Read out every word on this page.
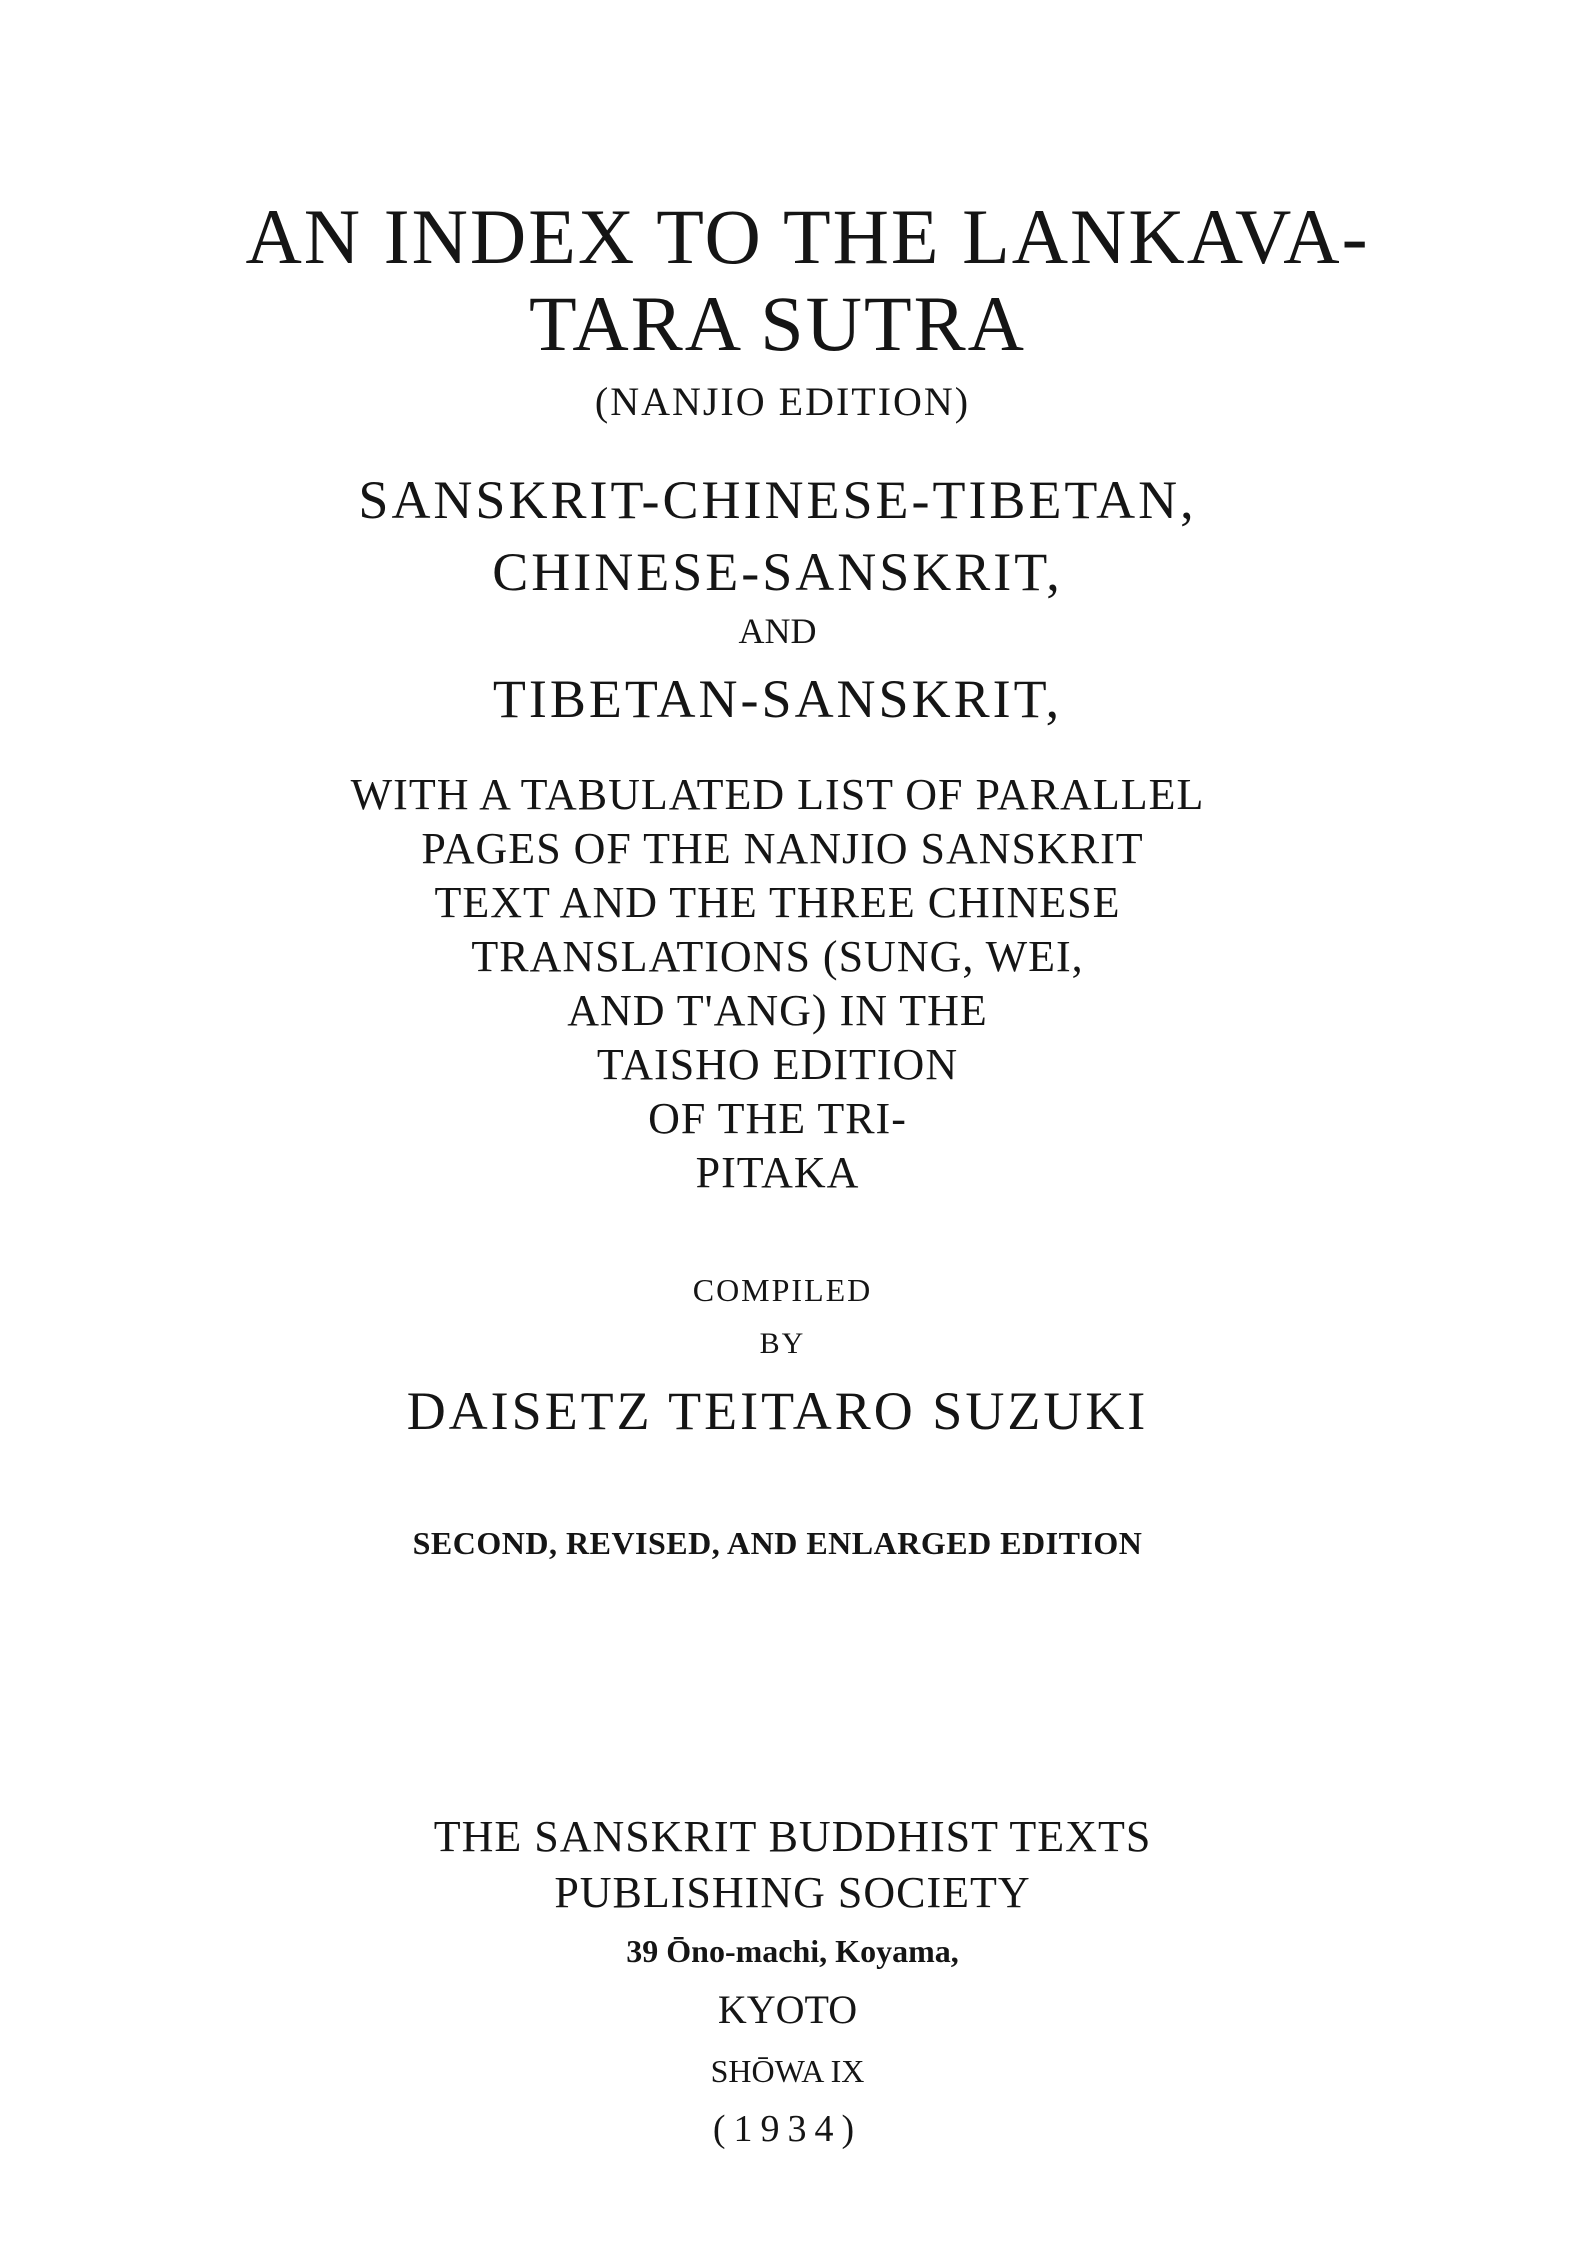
AN INDEX TO THE LANKAVA-
TARA SUTRA
(NANJIO EDITION)
SANSKRIT-CHINESE-TIBETAN,
CHINESE-SANSKRIT,
AND
TIBETAN-SANSKRIT,
WITH A TABULATED LIST OF PARALLEL
PAGES OF THE NANJIO SANSKRIT
TEXT AND THE THREE CHINESE
TRANSLATIONS (SUNG, WEI,
AND T'ANG) IN THE
TAISHO EDITION
OF THE TRI-
PITAKA
COMPILED
BY
DAISETZ TEITARO SUZUKI
SECOND, REVISED, AND ENLARGED EDITION
THE SANSKRIT BUDDHIST TEXTS
PUBLISHING SOCIETY
39 Ōno-machi, Koyama,
KYOTO
SHŌWA IX
(1934)
